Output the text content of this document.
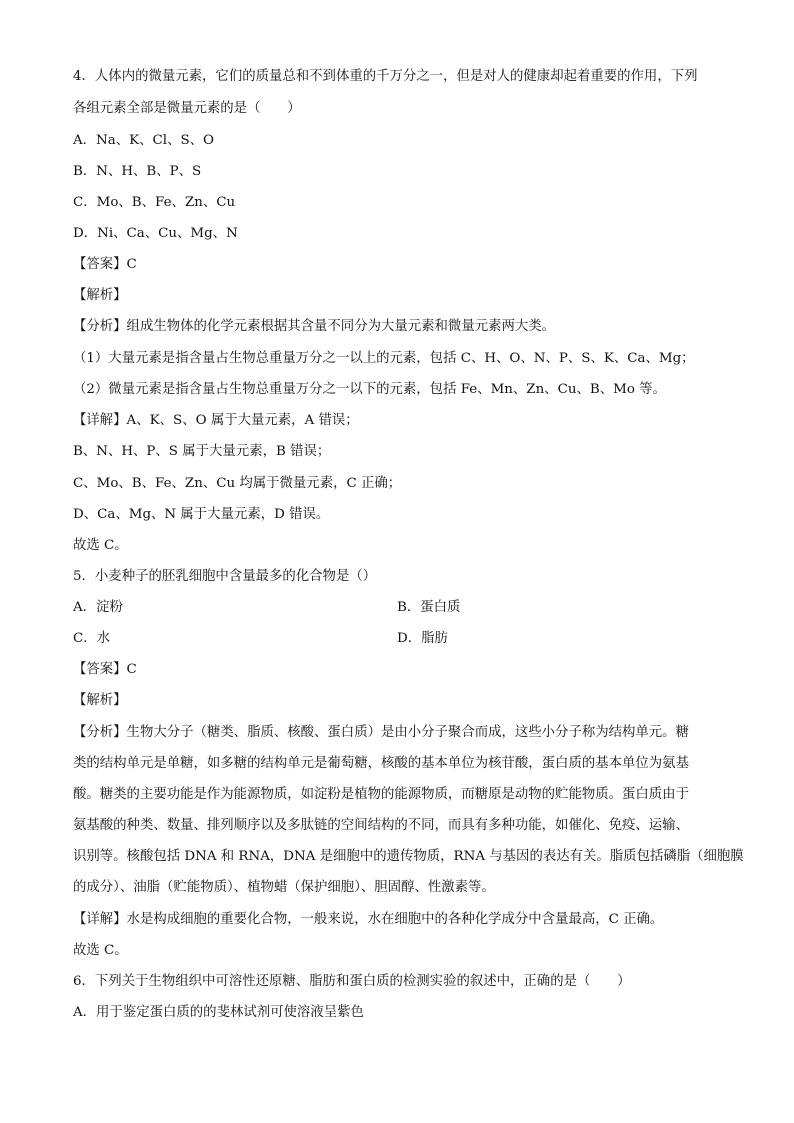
4．人体内的微量元素，它们的质量总和不到体重的千万分之一，但是对人的健康却起着重要的作用，下列
各组元素全部是微量元素的是（　　）
A．Na、K、Cl、S、O
B．N、H、B、P、S
C．Mo、B、Fe、Zn、Cu
D．Ni、Ca、Cu、Mg、N
【答案】C
【解析】
【分析】组成生物体的化学元素根据其含量不同分为大量元素和微量元素两大类。
（1）大量元素是指含量占生物总重量万分之一以上的元素，包括 C、H、O、N、P、S、K、Ca、Mg；
（2）微量元素是指含量占生物总重量万分之一以下的元素，包括 Fe、Mn、Zn、Cu、B、Mo 等。
【详解】A、K、S、O 属于大量元素，A 错误；
B、N、H、P、S 属于大量元素，B 错误；
C、Mo、B、Fe、Zn、Cu 均属于微量元素，C 正确；
D、Ca、Mg、N 属于大量元素，D 错误。
故选 C。
5．小麦种子的胚乳细胞中含量最多的化合物是（）
A．淀粉	B．蛋白质
C．水	D．脂肪
【答案】C
【解析】
【分析】生物大分子（糖类、脂质、核酸、蛋白质）是由小分子聚合而成，这些小分子称为结构单元。糖
类的结构单元是单糖，如多糖的结构单元是葡萄糖，核酸的基本单位为核苷酸，蛋白质的基本单位为氨基
酸。糖类的主要功能是作为能源物质，如淀粉是植物的能源物质，而糖原是动物的贮能物质。蛋白质由于
氨基酸的种类、数量、排列顺序以及多肽链的空间结构的不同，而具有多种功能，如催化、免疫、运输、
识别等。核酸包括 DNA 和 RNA，DNA 是细胞中的遗传物质，RNA 与基因的表达有关。脂质包括磷脂（细胞膜
的成分）、油脂（贮能物质）、植物蜡（保护细胞）、胆固醇、性激素等。
【详解】水是构成细胞的重要化合物，一般来说，水在细胞中的各种化学成分中含量最高，C 正确。
故选 C。
6．下列关于生物组织中可溶性还原糖、脂肪和蛋白质的检测实验的叙述中，正确的是（　　）
A．用于鉴定蛋白质的的斐林试剂可使溶液呈紫色
